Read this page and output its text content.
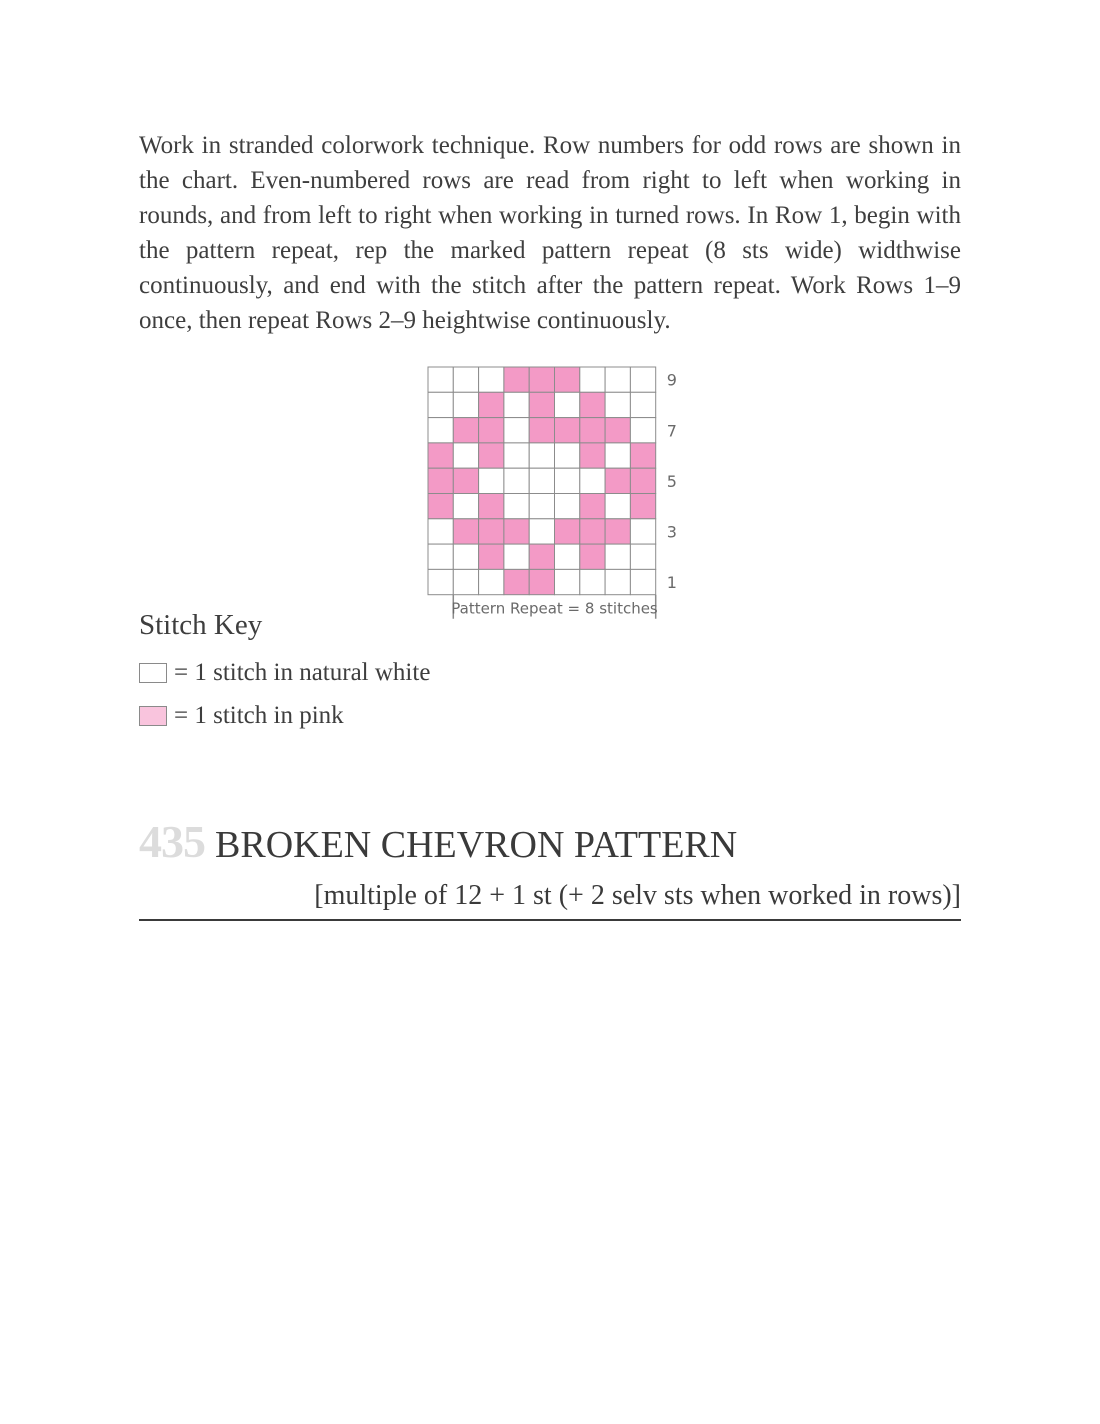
Work in stranded colorwork technique. Row numbers for odd rows are shown in the chart. Even-numbered rows are read from right to left when working in rounds, and from left to right when working in turned rows. In Row 1, begin with the pattern repeat, rep the marked pattern repeat (8 sts wide) widthwise continuously, and end with the stitch after the pattern repeat. Work Rows 1–9 once, then repeat Rows 2–9 heightwise continuously.

1
3
5
7
9
Pattern Repeat = 8 stitches
Stitch Key
= 1 stitch in natural white
= 1 stitch in pink
435 BROKEN CHEVRON PATTERN

[multiple of 12 + 1 st (+ 2 selv sts when worked in rows)]
